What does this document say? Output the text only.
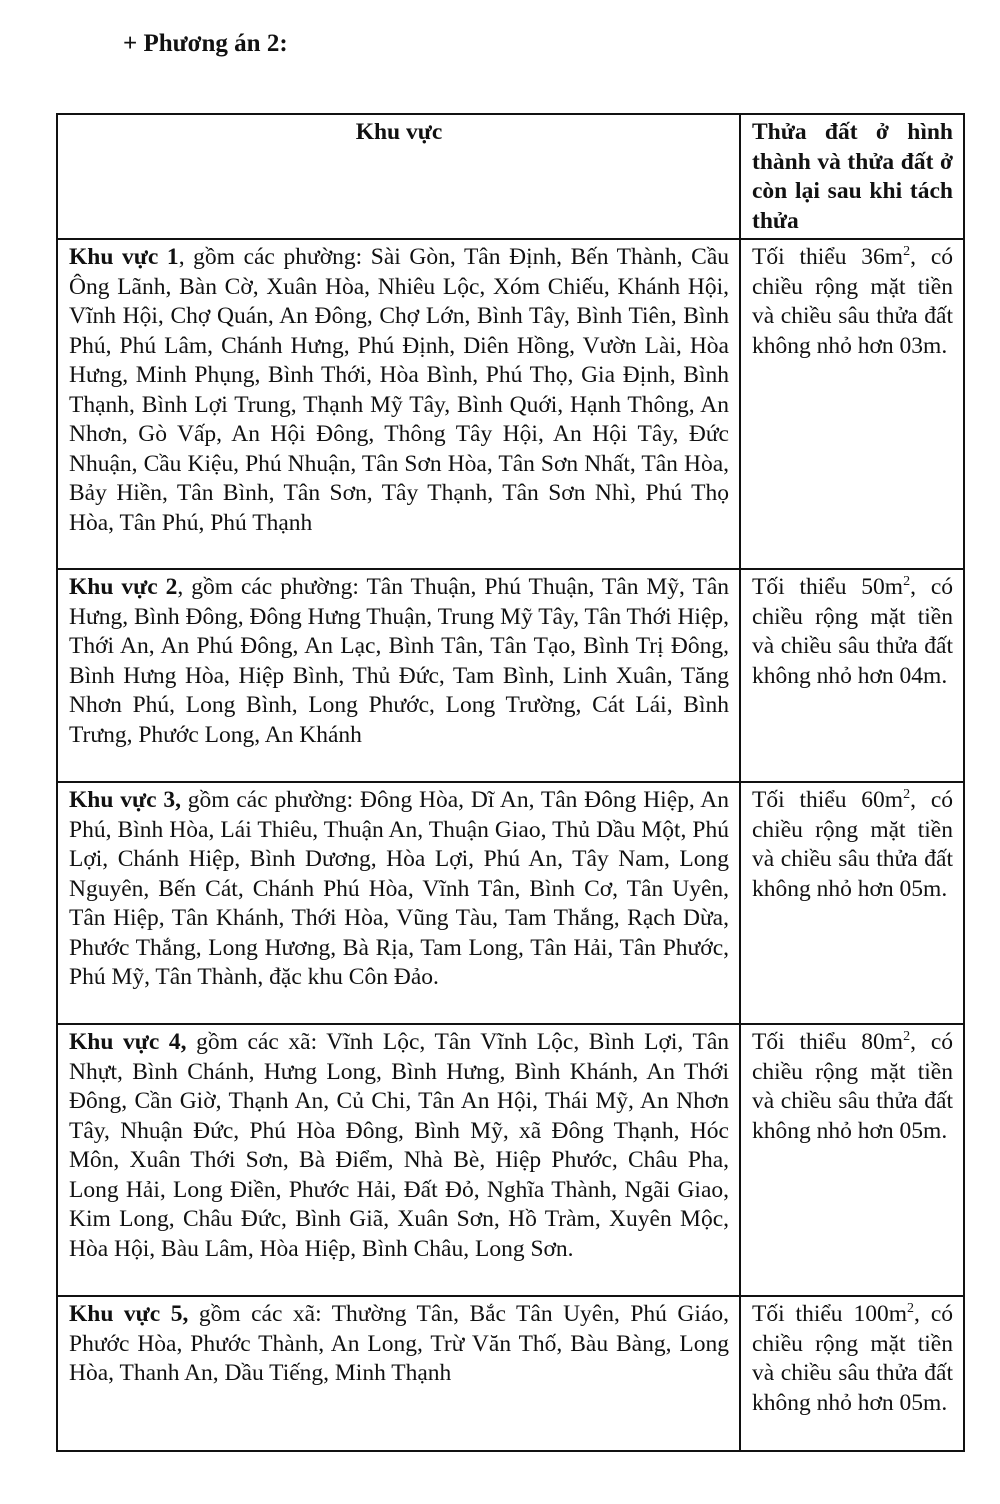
+ Phương án 2:
Khu vực	Thửa đất ở hình thành và thửa đất ở còn lại sau khi tách thửa
Khu vực 1, gồm các phường: Sài Gòn, Tân Định, Bến Thành, Cầu Ông Lãnh, Bàn Cờ, Xuân Hòa, Nhiêu Lộc, Xóm Chiếu, Khánh Hội, Vĩnh Hội, Chợ Quán, An Đông, Chợ Lớn, Bình Tây, Bình Tiên, Bình Phú, Phú Lâm, Chánh Hưng, Phú Định, Diên Hồng, Vườn Lài, Hòa Hưng, Minh Phụng, Bình Thới, Hòa Bình, Phú Thọ, Gia Định, Bình Thạnh, Bình Lợi Trung, Thạnh Mỹ Tây, Bình Quới, Hạnh Thông, An Nhơn, Gò Vấp, An Hội Đông, Thông Tây Hội, An Hội Tây, Đức Nhuận, Cầu Kiệu, Phú Nhuận, Tân Sơn Hòa, Tân Sơn Nhất, Tân Hòa, Bảy Hiền, Tân Bình, Tân Sơn, Tây Thạnh, Tân Sơn Nhì, Phú Thọ Hòa, Tân Phú, Phú Thạnh	Tối thiểu $36m^2$, có chiều rộng mặt tiền và chiều sâu thửa đất không nhỏ hơn 03m.
Khu vực 2, gồm các phường: Tân Thuận, Phú Thuận, Tân Mỹ, Tân Hưng, Bình Đông, Đông Hưng Thuận, Trung Mỹ Tây, Tân Thới Hiệp, Thới An, An Phú Đông, An Lạc, Bình Tân, Tân Tạo, Bình Trị Đông, Bình Hưng Hòa, Hiệp Bình, Thủ Đức, Tam Bình, Linh Xuân, Tăng Nhơn Phú, Long Bình, Long Phước, Long Trường, Cát Lái, Bình Trưng, Phước Long, An Khánh	Tối thiểu $50m^2$, có chiều rộng mặt tiền và chiều sâu thửa đất không nhỏ hơn 04m.
Khu vực 3, gồm các phường: Đông Hòa, Dĩ An, Tân Đông Hiệp, An Phú, Bình Hòa, Lái Thiêu, Thuận An, Thuận Giao, Thủ Dầu Một, Phú Lợi, Chánh Hiệp, Bình Dương, Hòa Lợi, Phú An, Tây Nam, Long Nguyên, Bến Cát, Chánh Phú Hòa, Vĩnh Tân, Bình Cơ, Tân Uyên, Tân Hiệp, Tân Khánh, Thới Hòa, Vũng Tàu, Tam Thắng, Rạch Dừa, Phước Thắng, Long Hương, Bà Rịa, Tam Long, Tân Hải, Tân Phước, Phú Mỹ, Tân Thành, đặc khu Côn Đảo.	Tối thiểu $60m^2$, có chiều rộng mặt tiền và chiều sâu thửa đất không nhỏ hơn 05m.
Khu vực 4, gồm các xã: Vĩnh Lộc, Tân Vĩnh Lộc, Bình Lợi, Tân Nhựt, Bình Chánh, Hưng Long, Bình Hưng, Bình Khánh, An Thới Đông, Cần Giờ, Thạnh An, Củ Chi, Tân An Hội, Thái Mỹ, An Nhơn Tây, Nhuận Đức, Phú Hòa Đông, Bình Mỹ, xã Đông Thạnh, Hóc Môn, Xuân Thới Sơn, Bà Điểm, Nhà Bè, Hiệp Phước, Châu Pha, Long Hải, Long Điền, Phước Hải, Đất Đỏ, Nghĩa Thành, Ngãi Giao, Kim Long, Châu Đức, Bình Giã, Xuân Sơn, Hồ Tràm, Xuyên Mộc, Hòa Hội, Bàu Lâm, Hòa Hiệp, Bình Châu, Long Sơn.	Tối thiểu $80m^2$, có chiều rộng mặt tiền và chiều sâu thửa đất không nhỏ hơn 05m.
Khu vực 5, gồm các xã: Thường Tân, Bắc Tân Uyên, Phú Giáo, Phước Hòa, Phước Thành, An Long, Trừ Văn Thố, Bàu Bàng, Long Hòa, Thanh An, Dầu Tiếng, Minh Thạnh	Tối thiểu $100m^2$, có chiều rộng mặt tiền và chiều sâu thửa đất không nhỏ hơn 05m.
